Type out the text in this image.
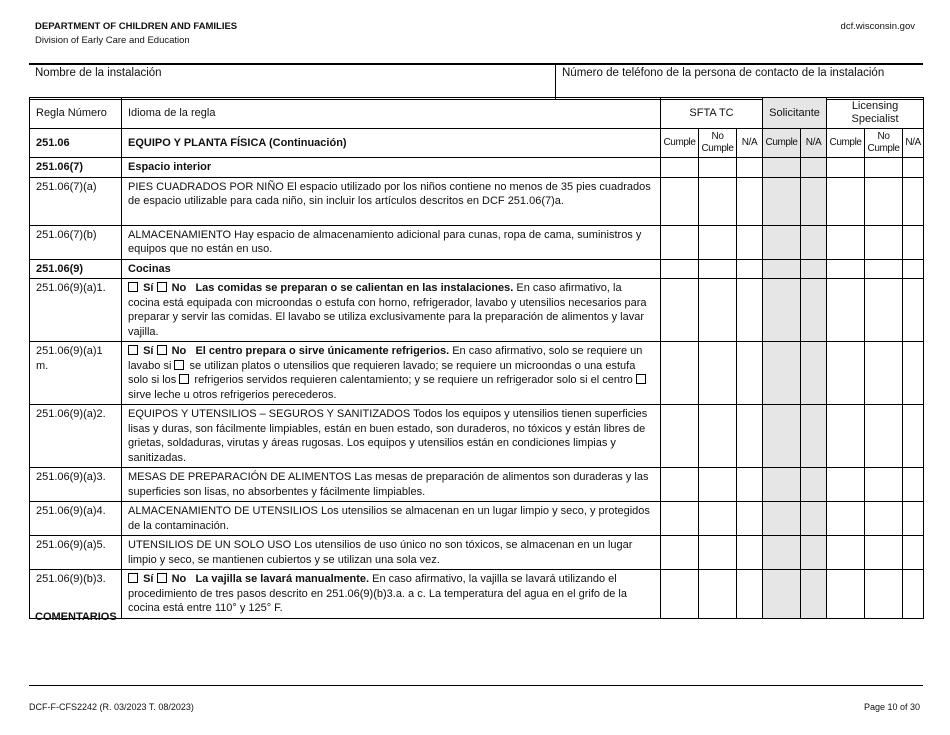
DEPARTMENT OF CHILDREN AND FAMILIES
Division of Early Care and Education
dcf.wisconsin.gov
Nombre de la instalación	Número de teléfono de la persona de contacto de la instalación
Regla Número	Idioma de la regla	SFTA TC			Solicitante		Licensing Specialist		
251.06	EQUIPO Y PLANTA FÍSICA (Continuación)	Cumple	No Cumple	N/A	Cumple	N/A	Cumple	No Cumple	N/A
251.06(7)	Espacio interior								
251.06(7)(a)	PIES CUADRADOS POR NIÑO El espacio utilizado por los niños contiene no menos de 35 pies cuadrados de espacio utilizable para cada niño, sin incluir los artículos descritos en DCF 251.06(7)a.								
251.06(7)(b)	ALMACENAMIENTO Hay espacio de almacenamiento adicional para cunas, ropa de cama, suministros y equipos que no están en uso.								
251.06(9)	Cocinas								
251.06(9)(a)1.	Sí No Las comidas se preparan o se calientan en las instalaciones. En caso afirmativo, la cocina está equipada con microondas o estufa con horno, refrigerador, lavabo y utensilios necesarios para preparar y servir las comidas. El lavabo se utiliza exclusivamente para la preparación de alimentos y lavar vajilla.								
251.06(9)(a)1 m.	Sí No El centro prepara o sirve únicamente refrigerios. En caso afirmativo, solo se requiere un lavabo si  se utilizan platos o utensilios que requieren lavado; se requiere un microondas o una estufa solo si los  refrigerios servidos requieren calentamiento; y se requiere un refrigerador solo si el centro  sirve leche u otros refrigerios perecederos.								
251.06(9)(a)2.	EQUIPOS Y UTENSILIOS – SEGUROS Y SANITIZADOS Todos los equipos y utensilios tienen superficies lisas y duras, son fácilmente limpiables, están en buen estado, son duraderos, no tóxicos y están libres de grietas, soldaduras, virutas y áreas rugosas. Los equipos y utensilios están en condiciones limpias y sanitizadas.								
251.06(9)(a)3.	MESAS DE PREPARACIÓN DE ALIMENTOS Las mesas de preparación de alimentos son duraderas y las superficies son lisas, no absorbentes y fácilmente limpiables.								
251.06(9)(a)4.	ALMACENAMIENTO DE UTENSILIOS Los utensilios se almacenan en un lugar limpio y seco, y protegidos de la contaminación.								
251.06(9)(a)5.	UTENSILIOS DE UN SOLO USO Los utensilios de uso único no son tóxicos, se almacenan en un lugar limpio y seco, se mantienen cubiertos y se utilizan una sola vez.								
251.06(9)(b)3.	Sí No La vajilla se lavará manualmente. En caso afirmativo, la vajilla se lavará utilizando el procedimiento de tres pasos descrito en 251.06(9)(b)3.a. a c. La temperatura del agua en el grifo de la cocina está entre 110° y 125° F.								
COMENTARIOS
DCF-F-CFS2242 (R. 03/2023 T. 08/2023)	Page 10 of 30
